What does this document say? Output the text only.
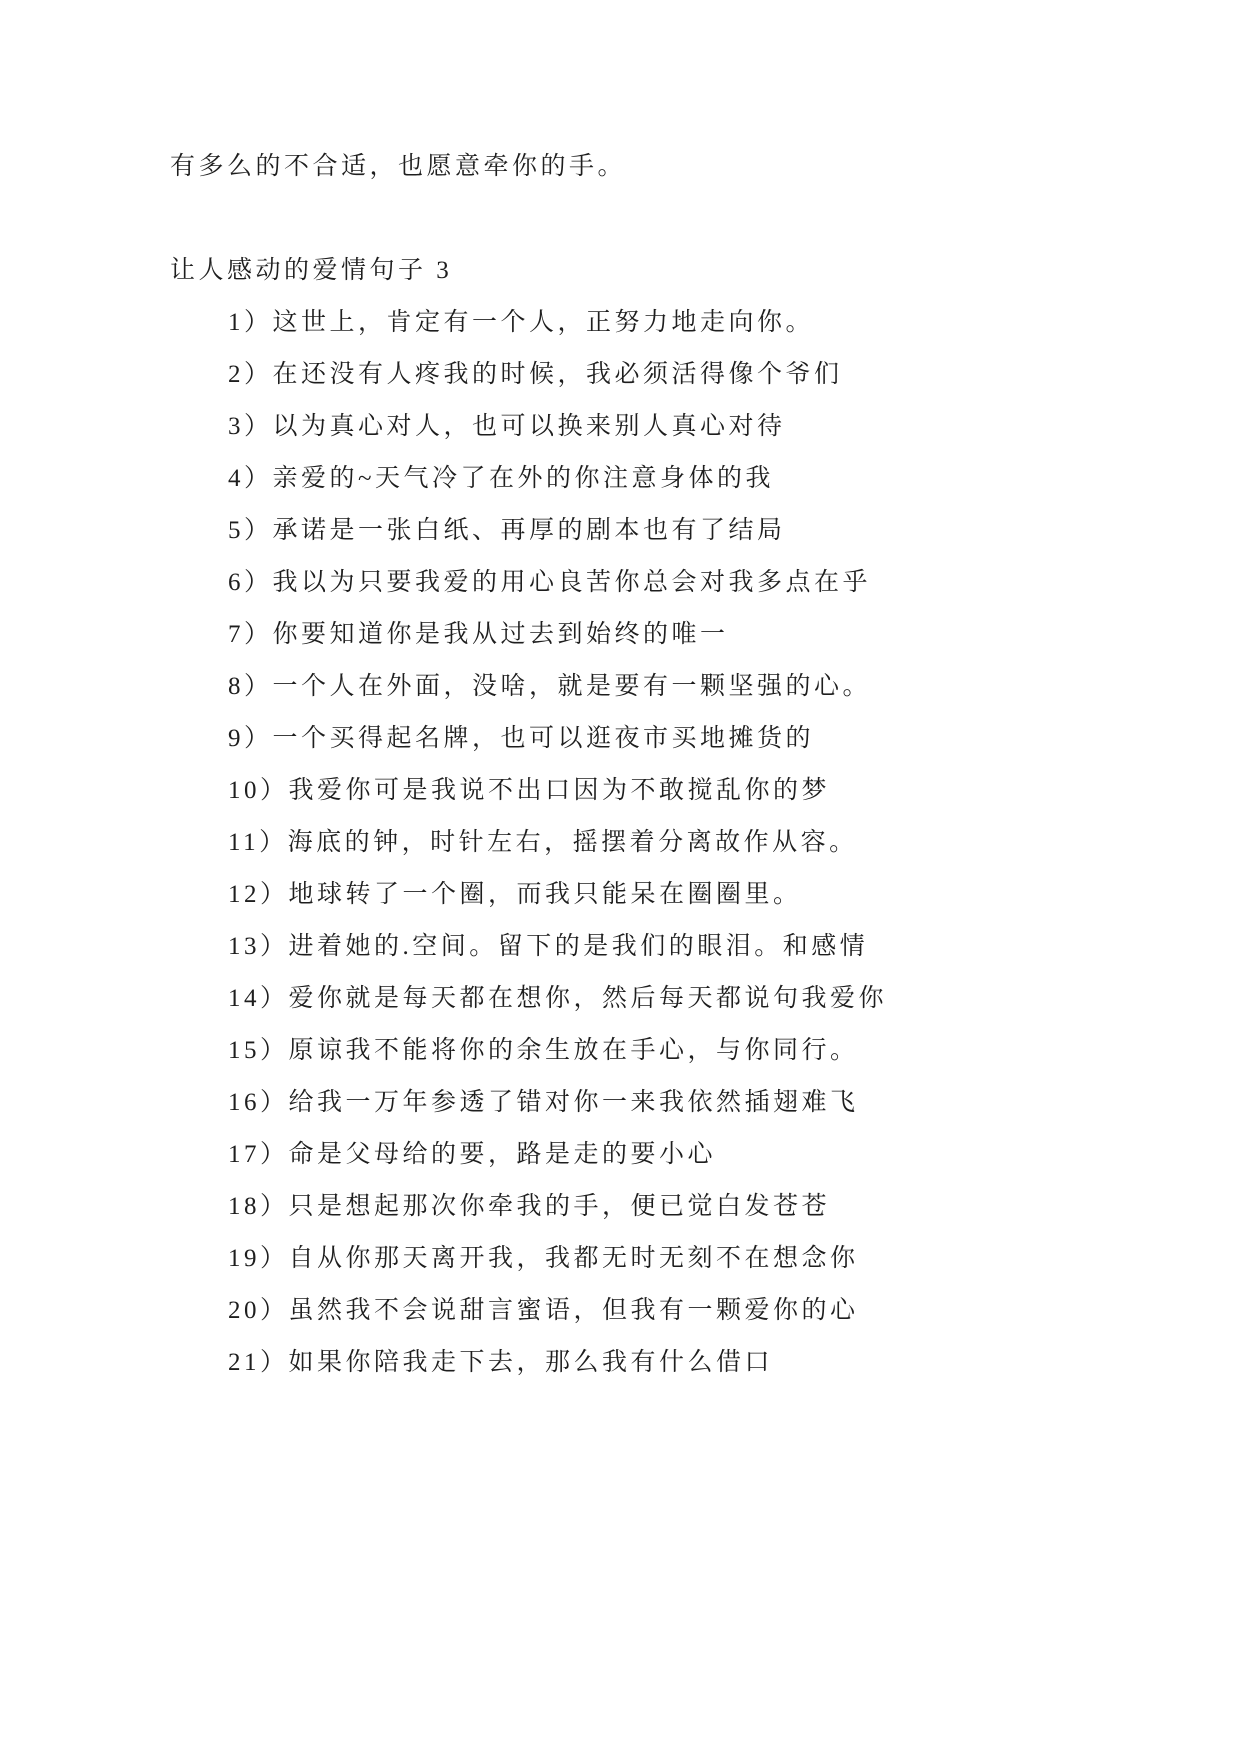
有多么的不合适，也愿意牵你的手。
让人感动的爱情句子 3
1）这世上，肯定有一个人，正努力地走向你。
2）在还没有人疼我的时候，我必须活得像个爷们
3）以为真心对人，也可以换来别人真心对待
4）亲爱的~天气冷了在外的你注意身体的我
5）承诺是一张白纸、再厚的剧本也有了结局
6）我以为只要我爱的用心良苦你总会对我多点在乎
7）你要知道你是我从过去到始终的唯一
8）一个人在外面，没啥，就是要有一颗坚强的心。
9）一个买得起名牌，也可以逛夜市买地摊货的
10）我爱你可是我说不出口因为不敢搅乱你的梦
11）海底的钟，时针左右，摇摆着分离故作从容。
12）地球转了一个圈，而我只能呆在圈圈里。
13）进着她的.空间。留下的是我们的眼泪。和感情
14）爱你就是每天都在想你，然后每天都说句我爱你
15）原谅我不能将你的余生放在手心，与你同行。
16）给我一万年参透了错对你一来我依然插翅难飞
17）命是父母给的要，路是走的要小心
18）只是想起那次你牵我的手，便已觉白发苍苍
19）自从你那天离开我，我都无时无刻不在想念你
20）虽然我不会说甜言蜜语，但我有一颗爱你的心
21）如果你陪我走下去，那么我有什么借口
